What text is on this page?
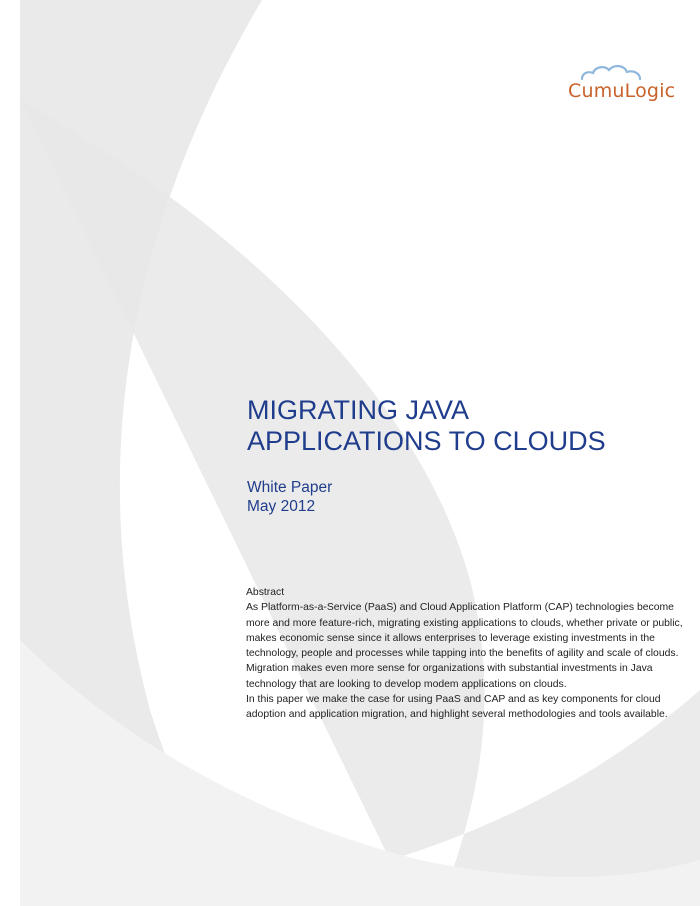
CumuLogic
MIGRATING JAVA
APPLICATIONS TO CLOUDS
White Paper
May 2012

Abstract

As Platform-as-a-Service (PaaS) and Cloud Application Platform (CAP) technologies become more and more feature-rich, migrating existing applications to clouds, whether private or public, makes economic sense since it allows enterprises to leverage existing investments in the technology, people and processes while tapping into the benefits of agility and scale of clouds. Migration makes even more sense for organizations with substantial investments in Java technology that are looking to develop modem applications on clouds.

In this paper we make the case for using PaaS and CAP and as key components for cloud adoption and application migration, and highlight several methodologies and tools available.
